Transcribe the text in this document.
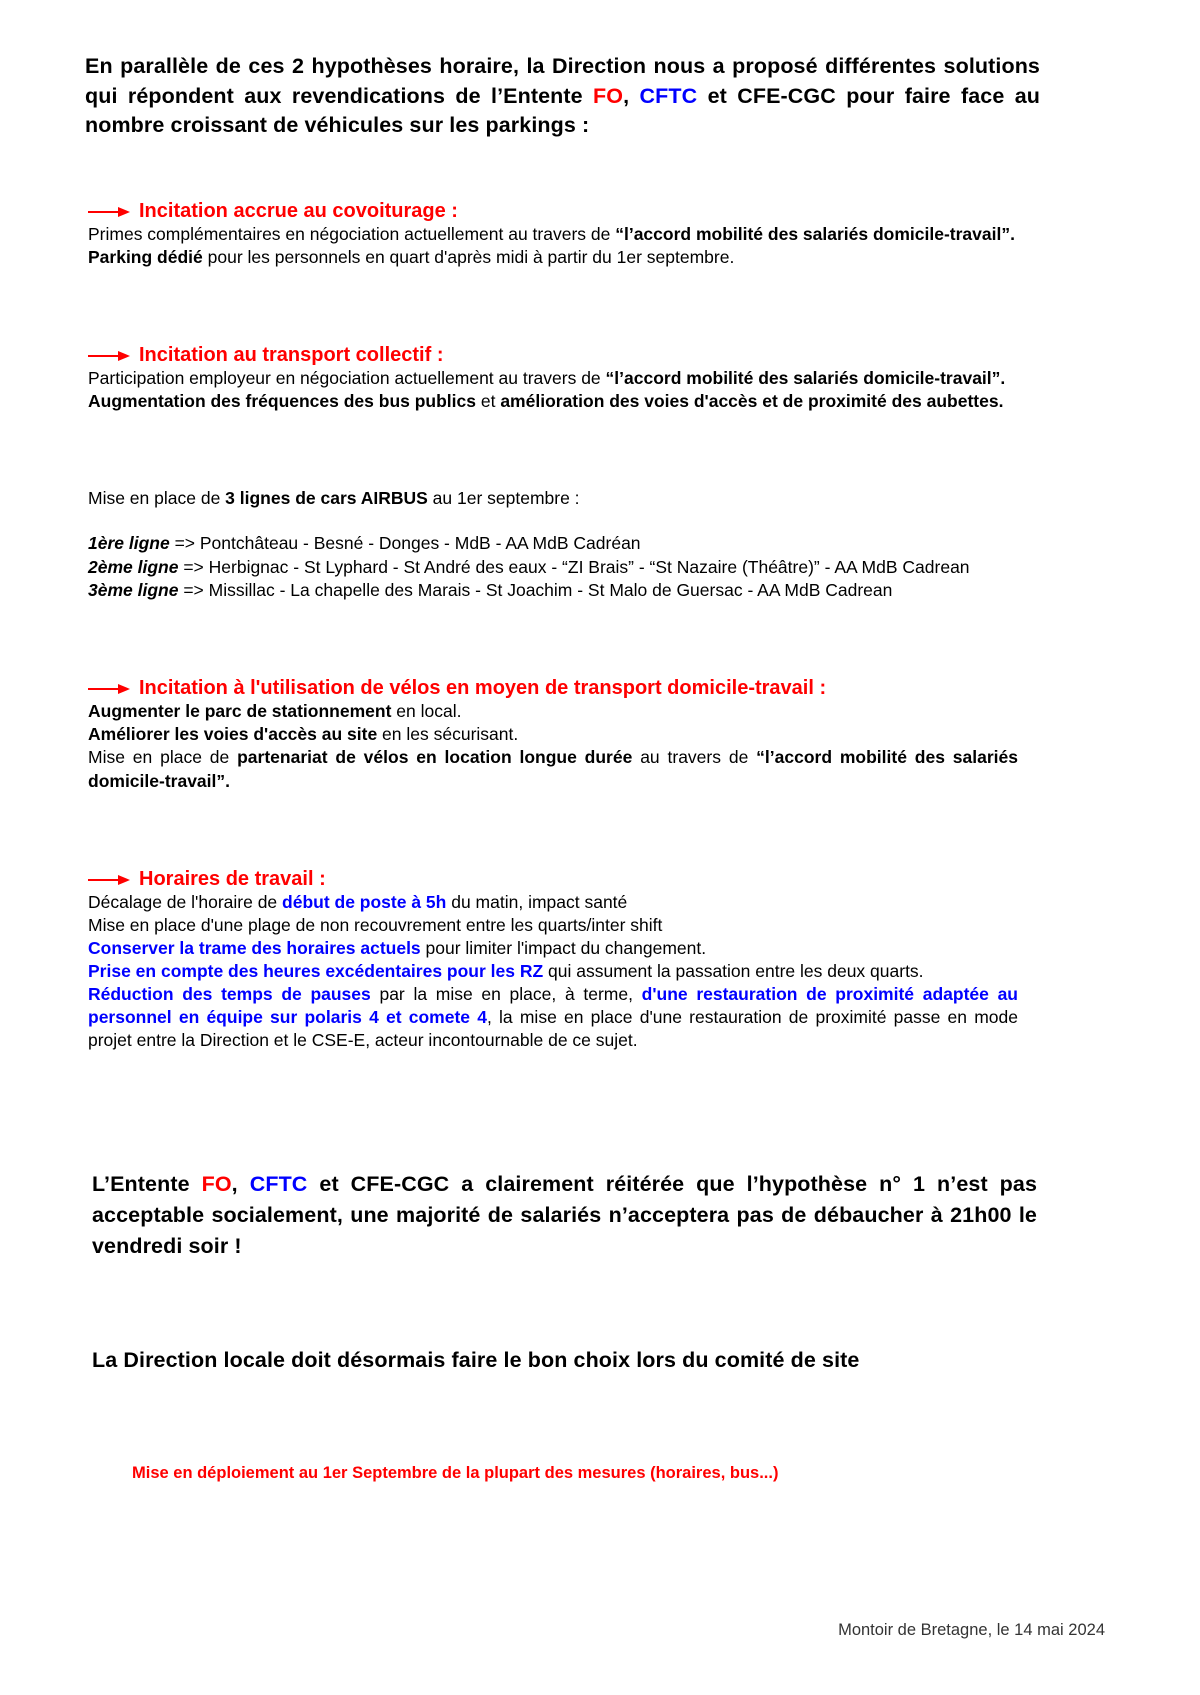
En parallèle de ces 2 hypothèses horaire, la Direction nous a proposé différentes solutions qui répondent aux revendications de l’Entente FO, CFTC et CFE-CGC pour faire face au nombre croissant de véhicules sur les parkings :

Incitation accrue au covoiturage :
Primes complémentaires en négociation actuellement au travers de “l’accord mobilité des salariés domicile-travail”.
Parking dédié pour les personnels en quart d'après midi à partir du 1er septembre.
Incitation au transport collectif :
Participation employeur en négociation actuellement au travers de “l’accord mobilité des salariés domicile-travail”.
Augmentation des fréquences des bus publics et amélioration des voies d'accès et de proximité des aubettes.
Mise en place de 3 lignes de cars AIRBUS au 1er septembre :
1ère ligne => Pontchâteau - Besné - Donges - MdB - AA MdB Cadréan
2ème ligne => Herbignac - St Lyphard - St André des eaux - “ZI Brais” - “St Nazaire (Théâtre)” - AA MdB Cadrean
3ème ligne => Missillac - La chapelle des Marais - St Joachim - St Malo de Guersac - AA MdB Cadrean
Incitation à l'utilisation de vélos en moyen de transport domicile-travail :
Augmenter le parc de stationnement en local.
Améliorer les voies d'accès au site en les sécurisant.
Mise en place de partenariat de vélos en location longue durée au travers de “l’accord mobilité des salariés domicile-travail”.
Horaires de travail :
Décalage de l'horaire de début de poste à 5h du matin, impact santé
Mise en place d'une plage de non recouvrement entre les quarts/inter shift
Conserver la trame des horaires actuels pour limiter l'impact du changement.
Prise en compte des heures excédentaires pour les RZ qui assument la passation entre les deux quarts.
Réduction des temps de pauses par la mise en place, à terme, d'une restauration de proximité adaptée au personnel en équipe sur polaris 4 et comete 4, la mise en place d'une restauration de proximité passe en mode projet entre la Direction et le CSE-E, acteur incontournable de ce sujet.

L’Entente FO, CFTC et CFE-CGC a clairement réitérée que l’hypothèse n° 1 n’est pas acceptable socialement, une majorité de salariés n’acceptera pas de débaucher à 21h00 le vendredi soir !

La Direction locale doit désormais faire le bon choix lors du comité de site

Mise en déploiement au 1er Septembre de la plupart des mesures (horaires, bus...)
Montoir de Bretagne, le 14 mai 2024
